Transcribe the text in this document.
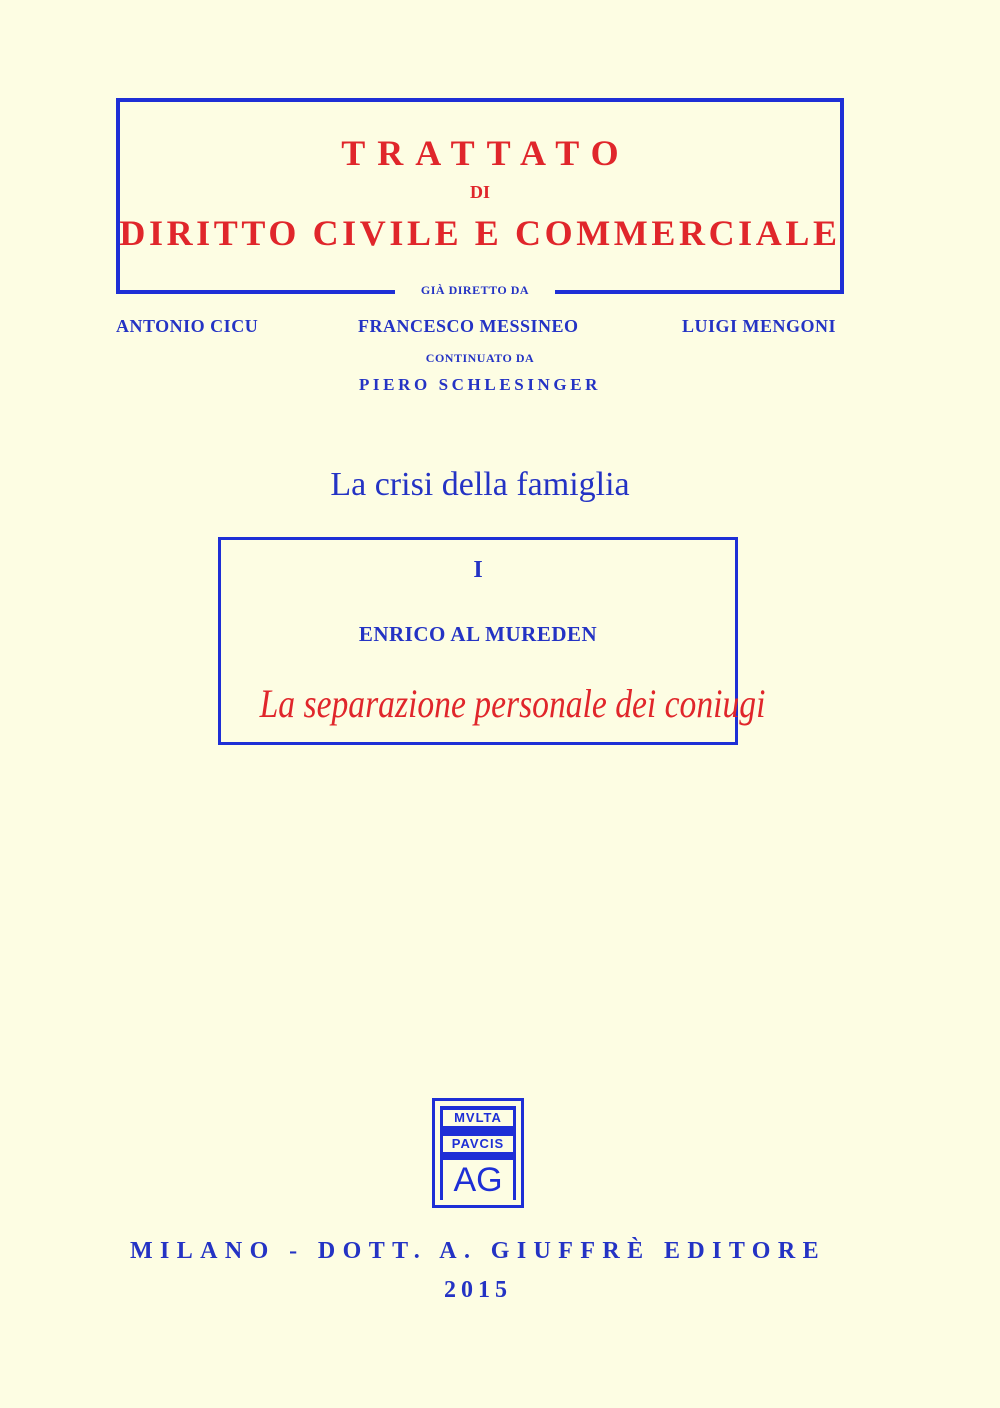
TRATTATO
DI
DIRITTO CIVILE E COMMERCIALE
GIÀ DIRETTO DA
ANTONIO CICU	FRANCESCO MESSINEO	LUIGI MENGONI
CONTINUATO DA
PIERO SCHLESINGER
La crisi della famiglia
I
ENRICO AL MUREDEN
La separazione personale dei coniugi
MVLTA
PAVCIS
AG
MILANO - DOTT. A. GIUFFRÈ EDITORE
2015
